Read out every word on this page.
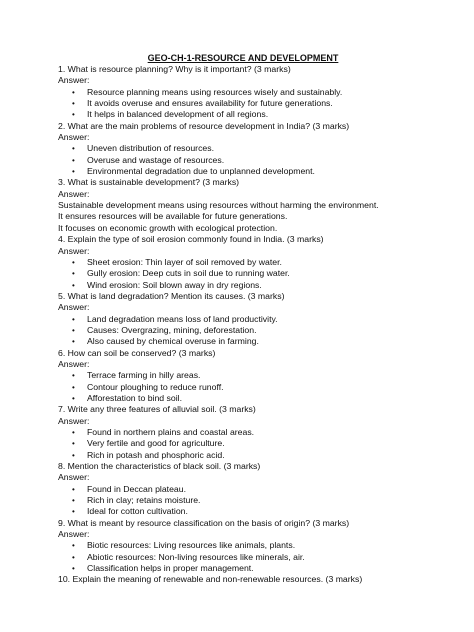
GEO-CH-1-RESOURCE AND DEVELOPMENT
1. What is resource planning? Why is it important? (3 marks)
Answer:
• Resource planning means using resources wisely and sustainably.
• It avoids overuse and ensures availability for future generations.
• It helps in balanced development of all regions.
2. What are the main problems of resource development in India? (3 marks)
Answer:
• Uneven distribution of resources.
• Overuse and wastage of resources.
• Environmental degradation due to unplanned development.
3. What is sustainable development? (3 marks)
Answer:
Sustainable development means using resources without harming the environment.
It ensures resources will be available for future generations.
It focuses on economic growth with ecological protection.
4. Explain the type of soil erosion commonly found in India. (3 marks)
Answer:
• Sheet erosion: Thin layer of soil removed by water.
• Gully erosion: Deep cuts in soil due to running water.
• Wind erosion: Soil blown away in dry regions.
5. What is land degradation? Mention its causes. (3 marks)
Answer:
• Land degradation means loss of land productivity.
• Causes: Overgrazing, mining, deforestation.
• Also caused by chemical overuse in farming.
6. How can soil be conserved? (3 marks)
Answer:
• Terrace farming in hilly areas.
• Contour ploughing to reduce runoff.
• Afforestation to bind soil.
7. Write any three features of alluvial soil. (3 marks)
Answer:
• Found in northern plains and coastal areas.
• Very fertile and good for agriculture.
• Rich in potash and phosphoric acid.
8. Mention the characteristics of black soil. (3 marks)
Answer:
• Found in Deccan plateau.
• Rich in clay; retains moisture.
• Ideal for cotton cultivation.
9. What is meant by resource classification on the basis of origin? (3 marks)
Answer:
• Biotic resources: Living resources like animals, plants.
• Abiotic resources: Non-living resources like minerals, air.
• Classification helps in proper management.
10. Explain the meaning of renewable and non-renewable resources. (3 marks)
